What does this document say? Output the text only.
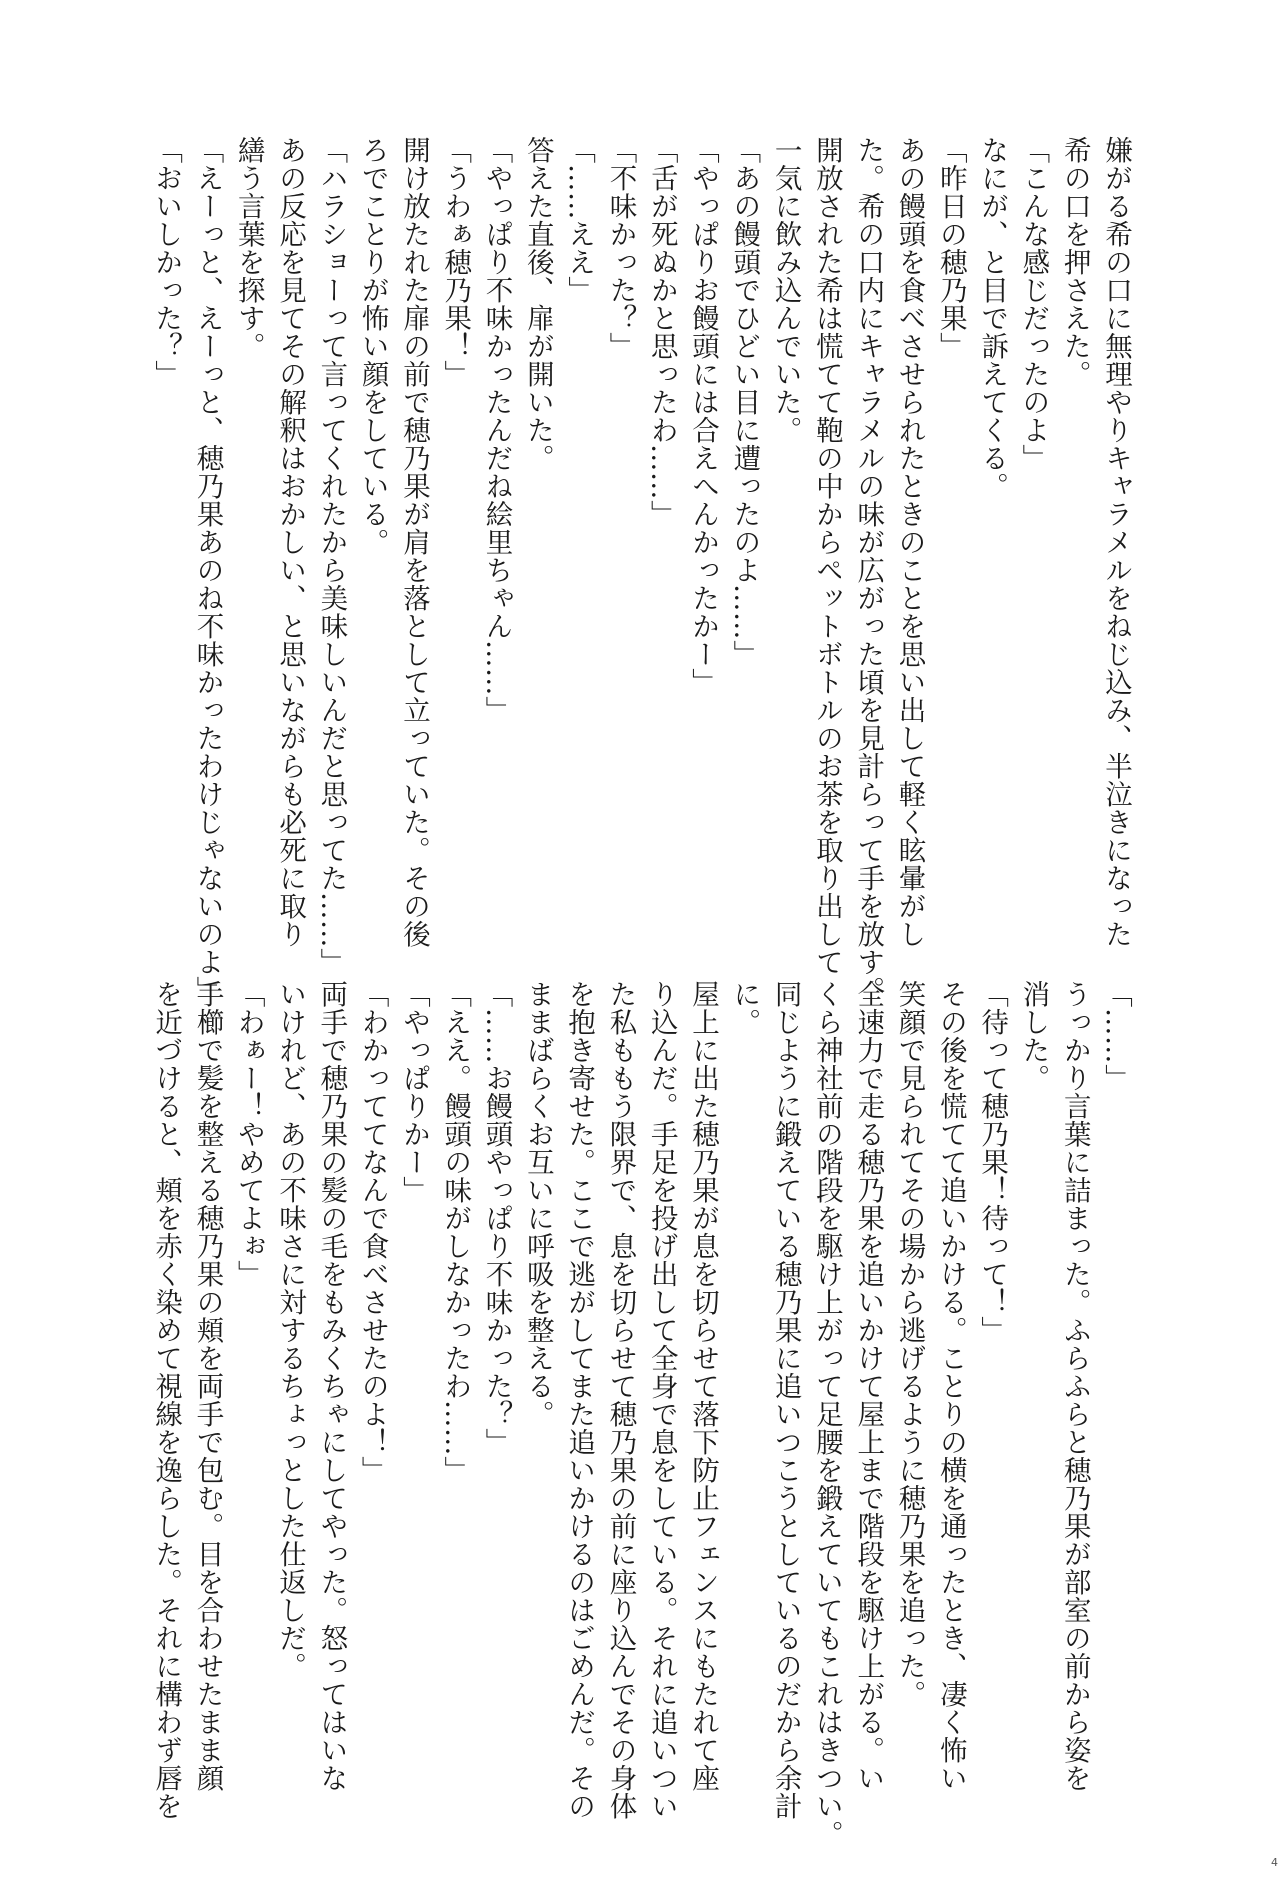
嫌がる希の口に無理やりキャラメルをねじ込み、半泣きになった
希の口を押さえた。
「こんな感じだったのよ」
なにが、と目で訴えてくる。
「昨日の穂乃果」
あの饅頭を食べさせられたときのことを思い出して軽く眩暈がし
た。希の口内にキャラメルの味が広がった頃を見計らって手を放す。
開放された希は慌てて鞄の中からペットボトルのお茶を取り出して
一気に飲み込んでいた。
「あの饅頭でひどい目に遭ったのよ……」
「やっぱりお饅頭には合えへんかったかー」
「舌が死ぬかと思ったわ……」
「不味かった？」
「……ええ」
答えた直後、扉が開いた。
「やっぱり不味かったんだね絵里ちゃん……」
「うわぁ穂乃果！」
開け放たれた扉の前で穂乃果が肩を落として立っていた。その後
ろでことりが怖い顔をしている。
「ハラショーって言ってくれたから美味しいんだと思ってた……」
あの反応を見てその解釈はおかしい、と思いながらも必死に取り
繕う言葉を探す。
「えーっと、えーっと、穂乃果あのね不味かったわけじゃないのよ」
「おいしかった？」
「……」
うっかり言葉に詰まった。ふらふらと穂乃果が部室の前から姿を
消した。
「待って穂乃果！待って！」
その後を慌てて追いかける。ことりの横を通ったとき、凄く怖い
笑顔で見られてその場から逃げるように穂乃果を追った。
全速力で走る穂乃果を追いかけて屋上まで階段を駆け上がる。い
くら神社前の階段を駆け上がって足腰を鍛えていてもこれはきつい。
同じように鍛えている穂乃果に追いつこうとしているのだから余計
に。
屋上に出た穂乃果が息を切らせて落下防止フェンスにもたれて座
り込んだ。手足を投げ出して全身で息をしている。それに追いつい
た私ももう限界で、息を切らせて穂乃果の前に座り込んでその身体
を抱き寄せた。ここで逃がしてまた追いかけるのはごめんだ。その
ままばらくお互いに呼吸を整える。
「……お饅頭やっぱり不味かった？」
「ええ。饅頭の味がしなかったわ……」
「やっぱりかー」
「わかっててなんで食べさせたのよ！」
両手で穂乃果の髪の毛をもみくちゃにしてやった。怒ってはいな
いけれど、あの不味さに対するちょっとした仕返しだ。
「わぁー！やめてよぉ」
手櫛で髪を整える穂乃果の頬を両手で包む。目を合わせたまま顔
を近づけると、頬を赤く染めて視線を逸らした。それに構わず唇を
4
